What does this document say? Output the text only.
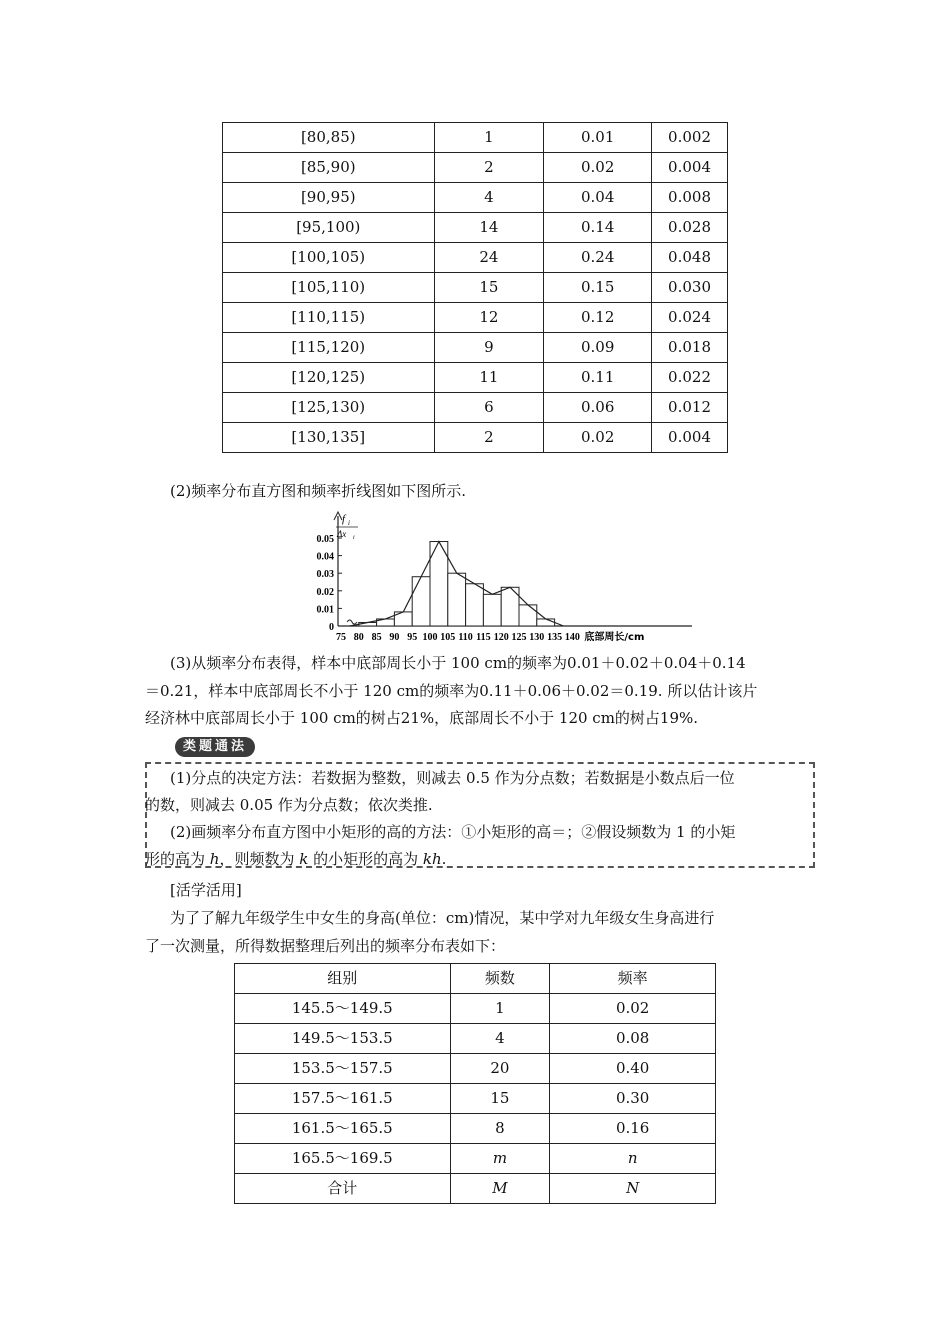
[80,85)	1	0.01	0.002
[85,90)	2	0.02	0.004
[90,95)	4	0.04	0.008
[95,100)	14	0.14	0.028
[100,105)	24	0.24	0.048
[105,110)	15	0.15	0.030
[110,115)	12	0.12	0.024
[115,120)	9	0.09	0.018
[120,125)	11	0.11	0.022
[125,130)	6	0.06	0.012
[130,135]	2	0.02	0.004
(2)频率分布直方图和频率折线图如下图所示.
0.05
0.04
0.03
0.02
0.01
0
f i
Δx i
75 80 85 90 95 100 105 110 115 120 125 130 135 140 底部周长/cm
(3)从频率分布表得，样本中底部周长小于 100 cm的频率为0.01＋0.02＋0.04＋0.14
＝0.21，样本中底部周长不小于 120 cm的频率为0.11＋0.06＋0.02＝0.19. 所以估计该片
经济林中底部周长小于 100 cm的树占21%，底部周长不小于 120 cm的树占19%.
类题通法
(1)分点的决定方法：若数据为整数，则减去 0.5 作为分点数；若数据是小数点后一位
的数，则减去 0.05 作为分点数；依次类推.
(2)画频率分布直方图中小矩形的高的方法：①小矩形的高＝；②假设频数为 1 的小矩
形的高为 h，则频数为 k 的小矩形的高为 kh.
[活学活用]
为了了解九年级学生中女生的身高(单位：cm)情况，某中学对九年级女生身高进行
了一次测量，所得数据整理后列出的频率分布表如下：
组别	频数	频率
145.5～149.5	1	0.02
149.5～153.5	4	0.08
153.5～157.5	20	0.40
157.5～161.5	15	0.30
161.5～165.5	8	0.16
165.5～169.5	m	n
合计	M	N
